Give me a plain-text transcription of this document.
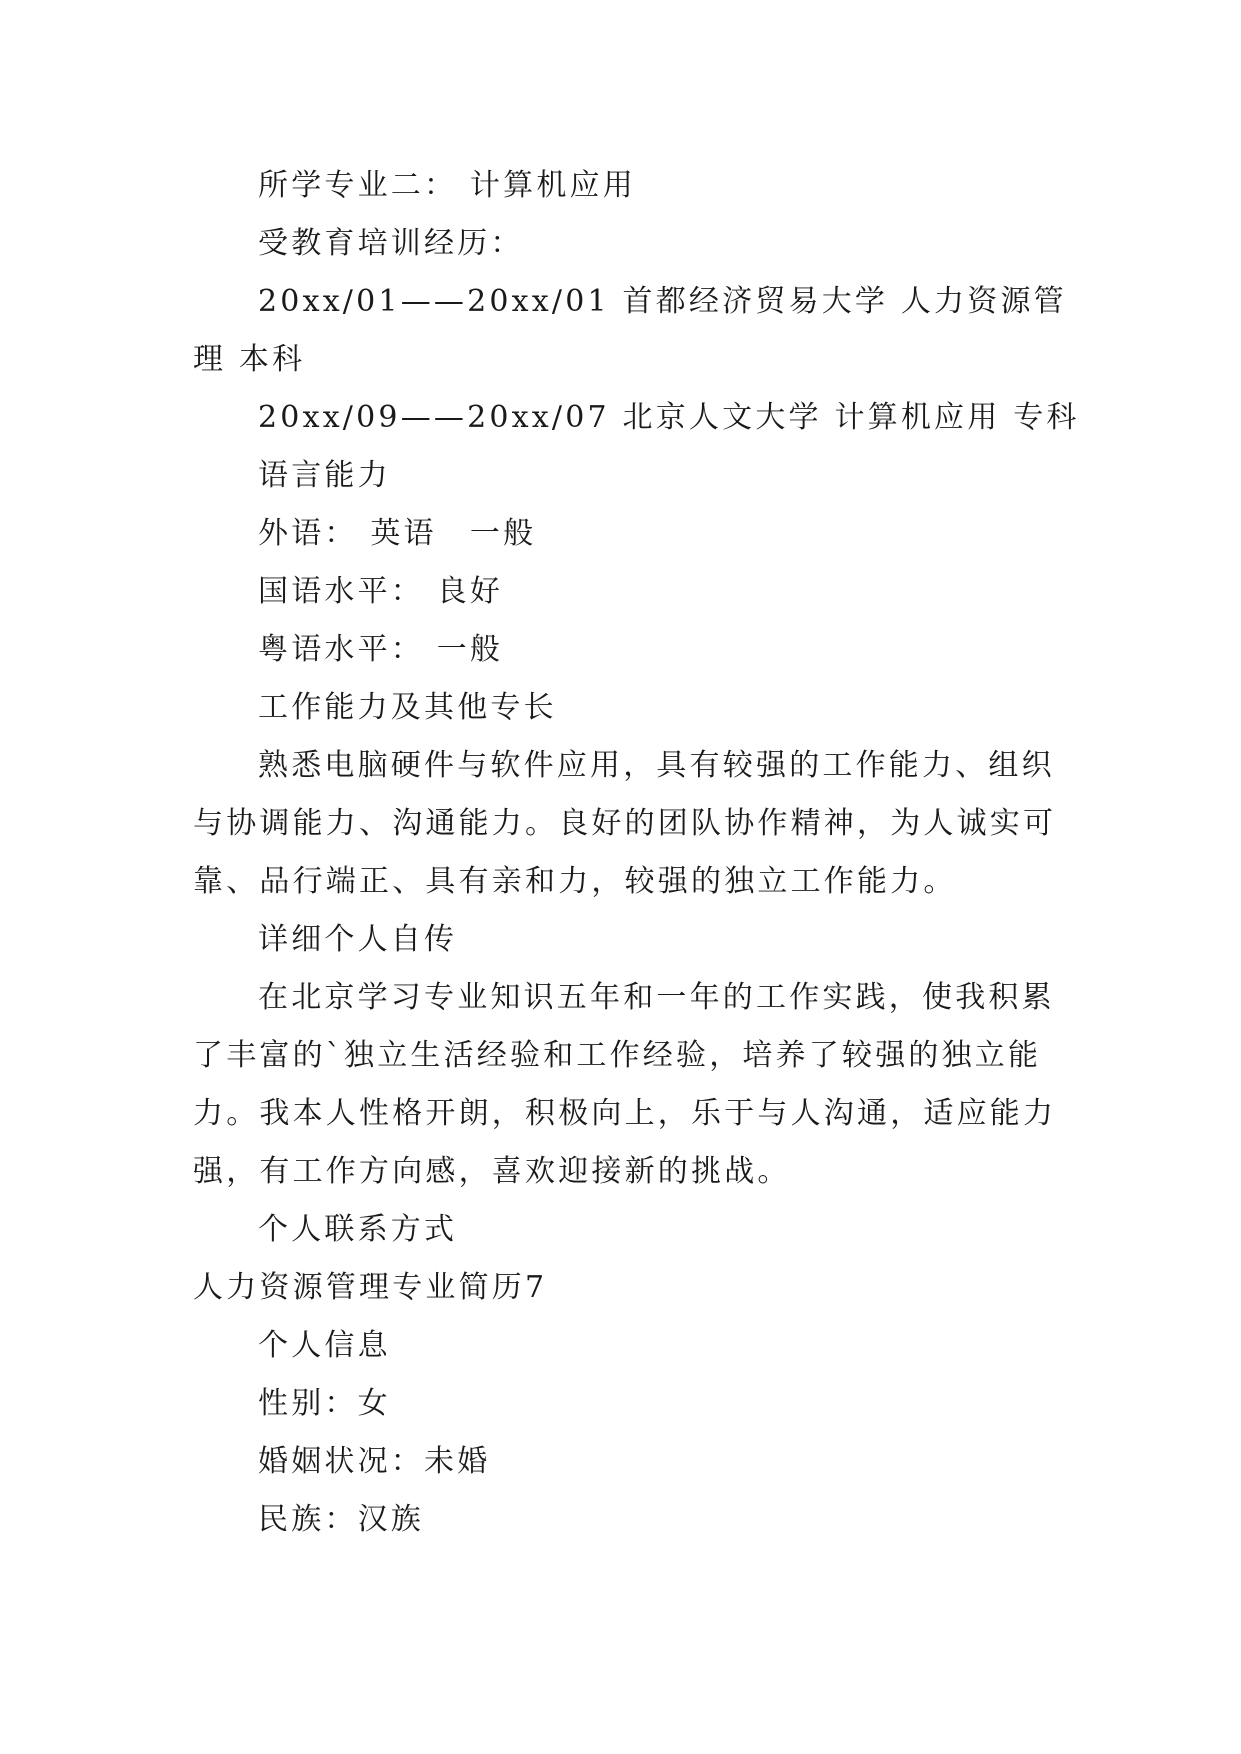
所学专业二： 计算机应用
受教育培训经历：
20xx/01——20xx/01 首都经济贸易大学 人力资源管
理 本科
20xx/09——20xx/07 北京人文大学 计算机应用 专科
语言能力
外语： 英语　一般
国语水平： 良好
粤语水平： 一般
工作能力及其他专长
熟悉电脑硬件与软件应用，具有较强的工作能力、组织
与协调能力、沟通能力。良好的团队协作精神，为人诚实可
靠、品行端正、具有亲和力，较强的独立工作能力。
详细个人自传
在北京学习专业知识五年和一年的工作实践，使我积累
了丰富的`独立生活经验和工作经验，培养了较强的独立能
力。我本人性格开朗，积极向上，乐于与人沟通，适应能力
强，有工作方向感，喜欢迎接新的挑战。
个人联系方式
人力资源管理专业简历7
个人信息
性别：女
婚姻状况：未婚
民族：汉族
